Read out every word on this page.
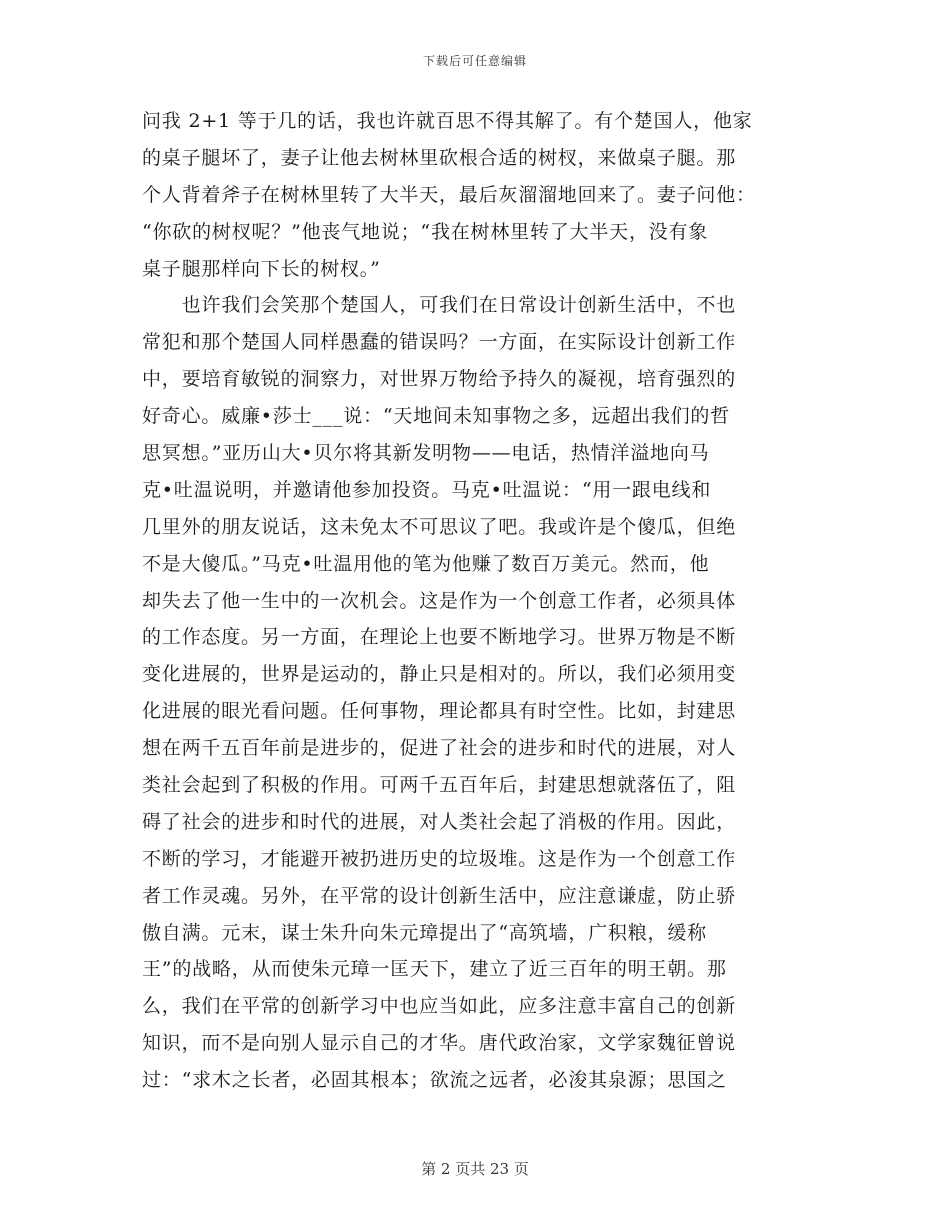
下载后可任意编辑
问我 2+1 等于几的话，我也许就百思不得其解了。有个楚国人，他家
的桌子腿坏了，妻子让他去树林里砍根合适的树杈，来做桌子腿。那
个人背着斧子在树林里转了大半天，最后灰溜溜地回来了。妻子问他：
“你砍的树杈呢？”他丧气地说；“我在树林里转了大半天，没有象
桌子腿那样向下长的树杈。”
　　也许我们会笑那个楚国人，可我们在日常设计创新生活中，不也
常犯和那个楚国人同样愚蠢的错误吗？一方面，在实际设计创新工作
中，要培育敏锐的洞察力，对世界万物给予持久的凝视，培育强烈的
好奇心。威廉•莎士___说：“天地间未知事物之多，远超出我们的哲
思冥想。”亚历山大•贝尔将其新发明物——电话，热情洋溢地向马
克•吐温说明，并邀请他参加投资。马克•吐温说：“用一跟电线和
几里外的朋友说话，这未免太不可思议了吧。我或许是个傻瓜，但绝
不是大傻瓜。”马克•吐温用他的笔为他赚了数百万美元。然而，他
却失去了他一生中的一次机会。这是作为一个创意工作者，必须具体
的工作态度。另一方面，在理论上也要不断地学习。世界万物是不断
变化进展的，世界是运动的，静止只是相对的。所以，我们必须用变
化进展的眼光看问题。任何事物，理论都具有时空性。比如，封建思
想在两千五百年前是进步的，促进了社会的进步和时代的进展，对人
类社会起到了积极的作用。可两千五百年后，封建思想就落伍了，阻
碍了社会的进步和时代的进展，对人类社会起了消极的作用。因此，
不断的学习，才能避开被扔进历史的垃圾堆。这是作为一个创意工作
者工作灵魂。另外，在平常的设计创新生活中，应注意谦虚，防止骄
傲自满。元末，谋士朱升向朱元璋提出了“高筑墙，广积粮，缓称
王”的战略，从而使朱元璋一匡天下，建立了近三百年的明王朝。那
么，我们在平常的创新学习中也应当如此，应多注意丰富自己的创新
知识，而不是向别人显示自己的才华。唐代政治家，文学家魏征曾说
过：“求木之长者，必固其根本；欲流之远者，必浚其泉源；思国之
第 2 页共 23 页
